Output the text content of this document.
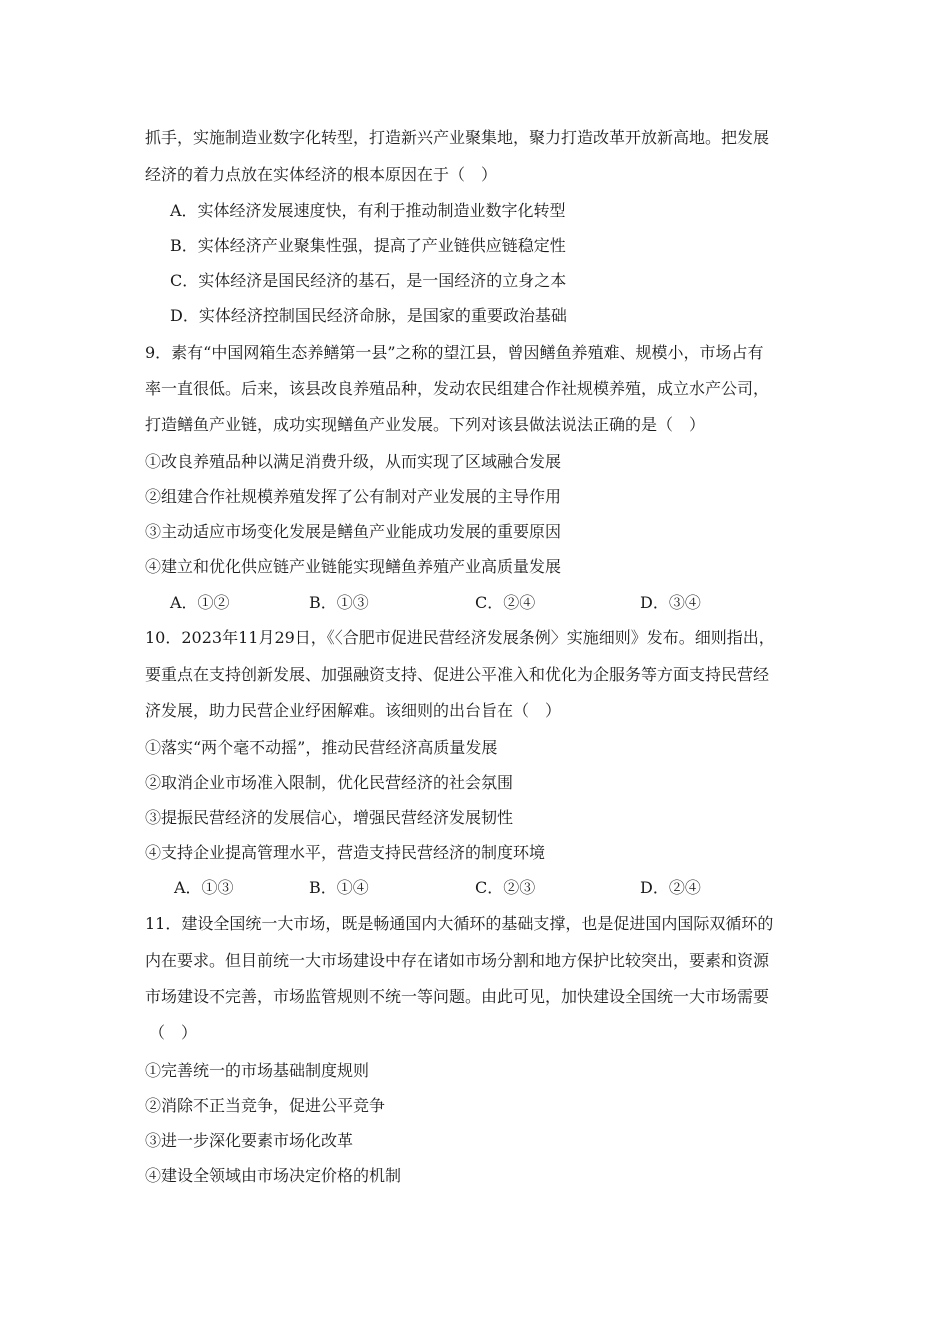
抓手，实施制造业数字化转型，打造新兴产业聚集地，聚力打造改革开放新高地。把发展
经济的着力点放在实体经济的根本原因在于（　）
A．实体经济发展速度快，有利于推动制造业数字化转型
B．实体经济产业聚集性强，提高了产业链供应链稳定性
C．实体经济是国民经济的基石，是一国经济的立身之本
D．实体经济控制国民经济命脉，是国家的重要政治基础
9．素有“中国网箱生态养鳝第一县”之称的望江县，曾因鳝鱼养殖难、规模小，市场占有
率一直很低。后来，该县改良养殖品种，发动农民组建合作社规模养殖，成立水产公司，
打造鳝鱼产业链，成功实现鳝鱼产业发展。下列对该县做法说法正确的是（　）
①改良养殖品种以满足消费升级，从而实现了区域融合发展
②组建合作社规模养殖发挥了公有制对产业发展的主导作用
③主动适应市场变化发展是鳝鱼产业能成功发展的重要原因
④建立和优化供应链产业链能实现鳝鱼养殖产业高质量发展
A．①②	B．①③	C．②④	D．③④
10．2023年11月29日，《〈合肥市促进民营经济发展条例〉实施细则》发布。细则指出，
要重点在支持创新发展、加强融资支持、促进公平准入和优化为企服务等方面支持民营经
济发展，助力民营企业纾困解难。该细则的出台旨在（　）
①落实“两个毫不动摇”，推动民营经济高质量发展
②取消企业市场准入限制，优化民营经济的社会氛围
③提振民营经济的发展信心，增强民营经济发展韧性
④支持企业提高管理水平，营造支持民营经济的制度环境
A．①③	B．①④	C．②③	D．②④
11．建设全国统一大市场，既是畅通国内大循环的基础支撑，也是促进国内国际双循环的
内在要求。但目前统一大市场建设中存在诸如市场分割和地方保护比较突出，要素和资源
市场建设不完善，市场监管规则不统一等问题。由此可见，加快建设全国统一大市场需要
（　）
①完善统一的市场基础制度规则
②消除不正当竞争，促进公平竞争
③进一步深化要素市场化改革
④建设全领域由市场决定价格的机制
